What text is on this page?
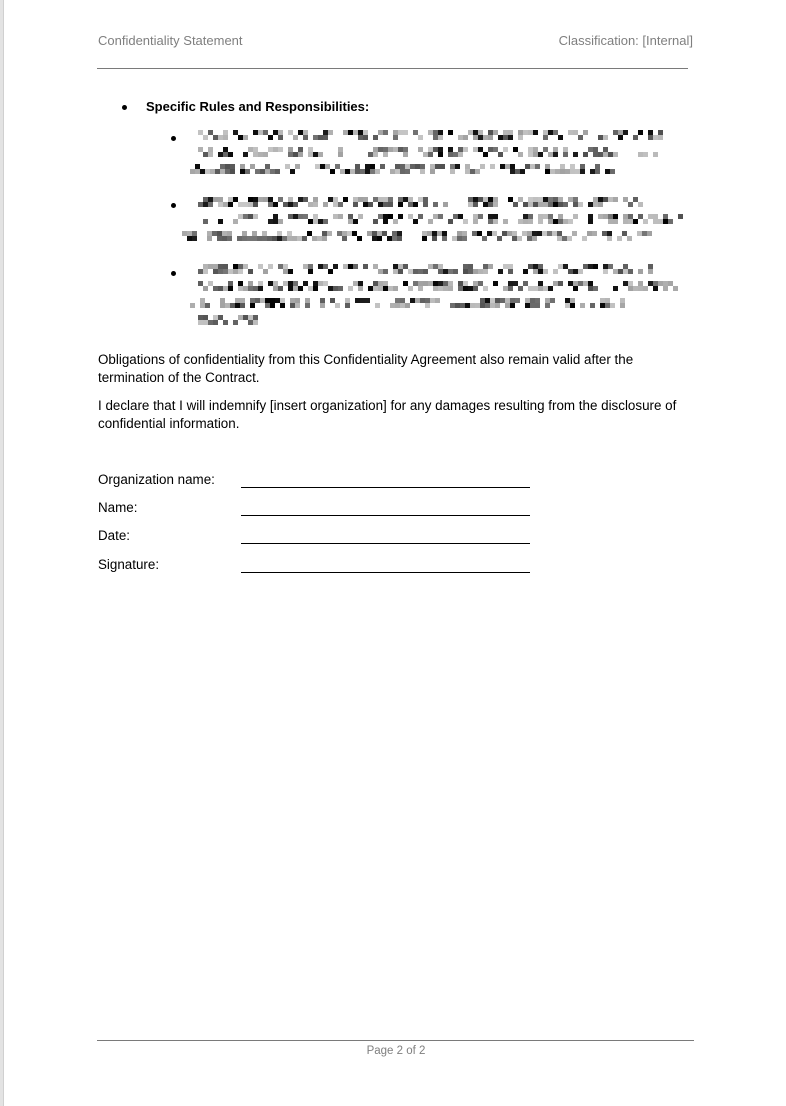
Confidentiality Statement	Classification: [Internal]
Specific Rules and Responsibilities:
Obligations of confidentiality from this Confidentiality Agreement also remain valid after the termination of the Contract.
I declare that I will indemnify [insert organization] for any damages resulting from the disclosure of confidential information.
Organization name:
Name:
Date:
Signature:
Page 2 of 2
